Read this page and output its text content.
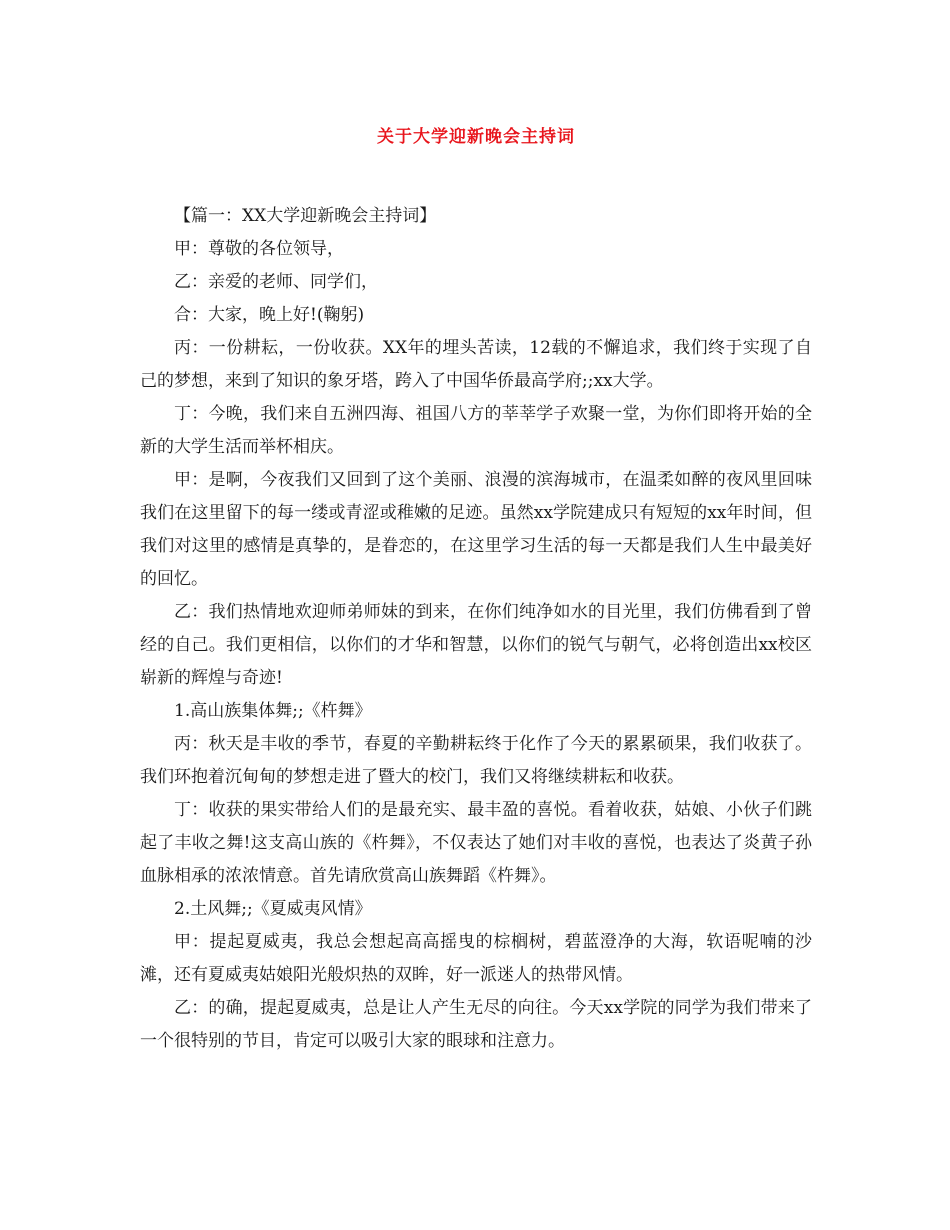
关于大学迎新晚会主持词

【篇一：XX大学迎新晚会主持词】

甲：尊敬的各位领导，

乙：亲爱的老师、同学们，

合：大家，晚上好!(鞠躬)

丙：一份耕耘，一份收获。XX年的埋头苦读，12载的不懈追求，我们终于实现了自己的梦想，来到了知识的象牙塔，跨入了中国华侨最高学府;;xx大学。

丁：今晚，我们来自五洲四海、祖国八方的莘莘学子欢聚一堂，为你们即将开始的全新的大学生活而举杯相庆。

甲：是啊，今夜我们又回到了这个美丽、浪漫的滨海城市，在温柔如醉的夜风里回味我们在这里留下的每一缕或青涩或稚嫩的足迹。虽然xx学院建成只有短短的xx年时间，但我们对这里的感情是真挚的，是眷恋的，在这里学习生活的每一天都是我们人生中最美好的回忆。

乙：我们热情地欢迎师弟师妹的到来，在你们纯净如水的目光里，我们仿佛看到了曾经的自己。我们更相信，以你们的才华和智慧，以你们的锐气与朝气，必将创造出xx校区崭新的辉煌与奇迹!

1.高山族集体舞;;《杵舞》

丙：秋天是丰收的季节，春夏的辛勤耕耘终于化作了今天的累累硕果，我们收获了。我们环抱着沉甸甸的梦想走进了暨大的校门，我们又将继续耕耘和收获。

丁：收获的果实带给人们的是最充实、最丰盈的喜悦。看着收获，姑娘、小伙子们跳起了丰收之舞!这支高山族的《杵舞》，不仅表达了她们对丰收的喜悦，也表达了炎黄子孙血脉相承的浓浓情意。首先请欣赏高山族舞蹈《杵舞》。

2.土风舞;;《夏威夷风情》

甲：提起夏威夷，我总会想起高高摇曳的棕榈树，碧蓝澄净的大海，软语呢喃的沙滩，还有夏威夷姑娘阳光般炽热的双眸，好一派迷人的热带风情。

乙：的确，提起夏威夷，总是让人产生无尽的向往。今天xx学院的同学为我们带来了一个很特别的节目，肯定可以吸引大家的眼球和注意力。
